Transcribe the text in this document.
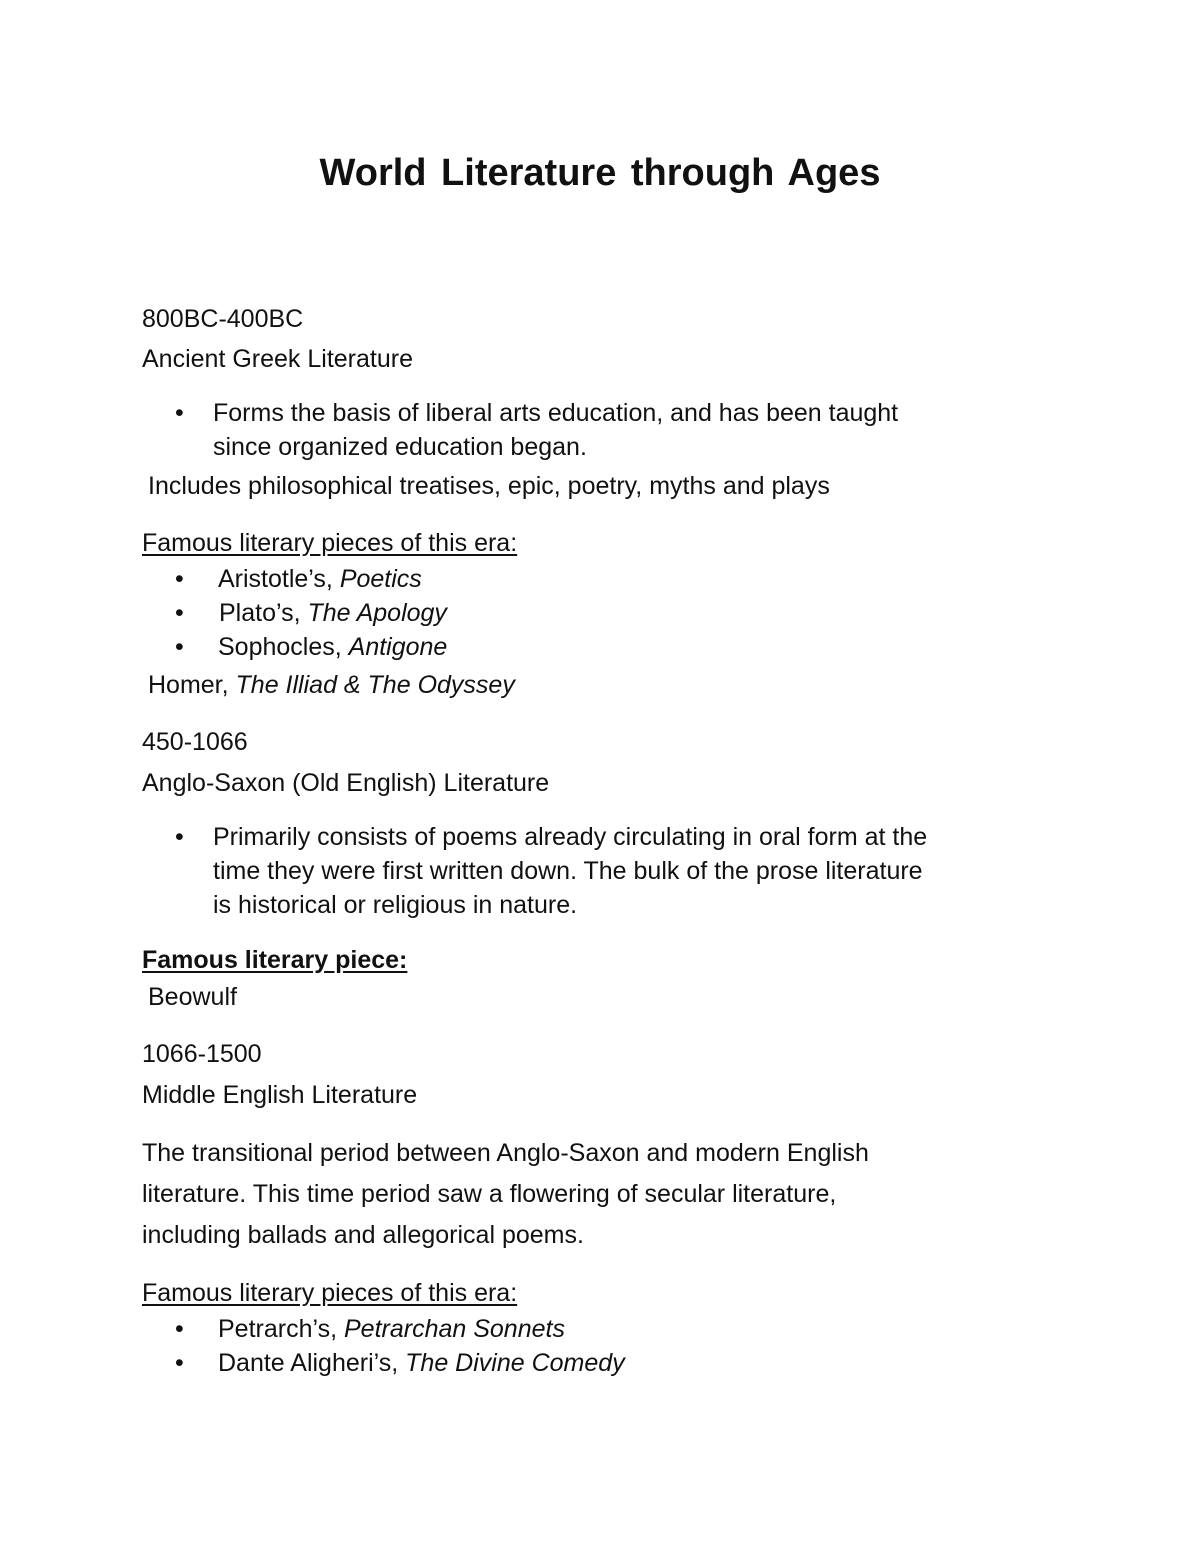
World Literature through Ages
800BC-400BC
Ancient Greek Literature
• Forms the basis of liberal arts education, and has been taught
since organized education began.
Includes philosophical treatises, epic, poetry, myths and plays
Famous literary pieces of this era:
• Aristotle’s, Poetics
• Plato’s, The Apology
• Sophocles, Antigone
Homer, The Illiad & The Odyssey
450-1066
Anglo-Saxon (Old English) Literature
• Primarily consists of poems already circulating in oral form at the
time they were first written down. The bulk of the prose literature
is historical or religious in nature.
Famous literary piece:
Beowulf
1066-1500
Middle English Literature
The transitional period between Anglo-Saxon and modern English
literature. This time period saw a flowering of secular literature,
including ballads and allegorical poems.
Famous literary pieces of this era:
• Petrarch’s, Petrarchan Sonnets
• Dante Aligheri’s, The Divine Comedy
